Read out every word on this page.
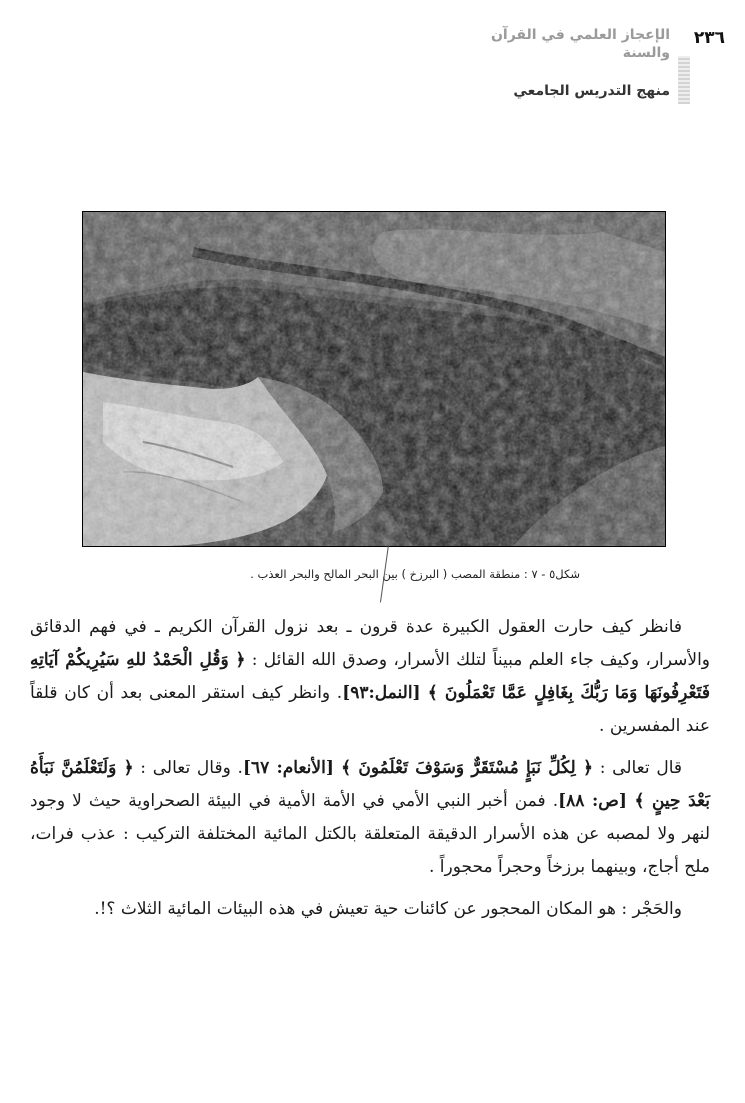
٢٣٦
الإعجاز العلمي في القرآن والسنة
منهج التدريس الجامعي
شكل٥ - ٧ : منطقة المصب ( البرزخ ) بين البحر المالح والبحر العذب .

فانظر كيف حارت العقول الكبيرة عدة قرون ـ بعد نزول القرآن الكريم ـ في فهم الدقائق والأسرار، وكيف جاء العلم مبيناً لتلك الأسرار، وصدق الله القائل : ﴿ وَقُلِ الْحَمْدُ للهِ سَيُرِيكُمْ آيَاتِهِ فَتَعْرِفُونَهَا وَمَا رَبُّكَ بِغَافِلٍ عَمَّا تَعْمَلُونَ ﴾ [النمل:٩٣]. وانظر كيف استقر المعنى بعد أن كان قلقاً عند المفسرين .

قال تعالى : ﴿ لِكُلِّ نَبَإٍ مُسْتَقَرٌّ وَسَوْفَ تَعْلَمُونَ ﴾ [الأنعام: ٦٧]. وقال تعالى : ﴿ وَلَتَعْلَمُنَّ نَبَأَهُ بَعْدَ حِينٍ ﴾ [ص: ٨٨]. فمن أخبر النبي الأمي في الأمة الأمية في البيئة الصحراوية حيث لا وجود لنهر ولا لمصبه عن هذه الأسرار الدقيقة المتعلقة بالكتل المائية المختلفة التركيب : عذب فرات، ملح أجاج، وبينهما برزخاً وحجراً محجوراً .

والحَجْر : هو المكان المحجور عن كائنات حية تعيش في هذه البيئات المائية الثلاث ؟!.
